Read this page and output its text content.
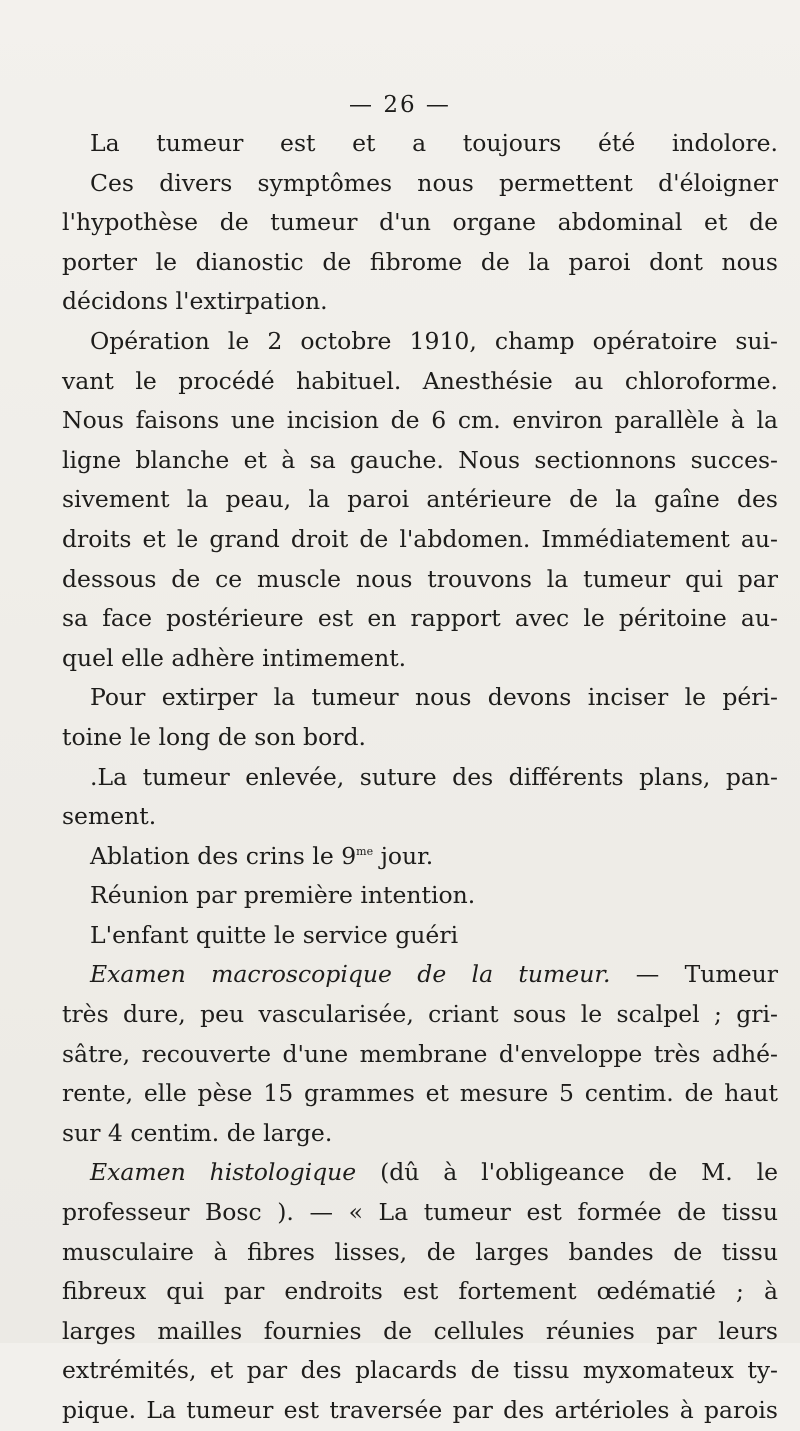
— 26 —
La tumeur est et a toujours été indolore.
Ces divers symptômes nous permettent d'éloigner
l'hypothèse de tumeur d'un organe abdominal et de
porter le dianostic de fibrome de la paroi dont nous
décidons l'extirpation.
Opération le 2 octobre 1910, champ opératoire sui-
vant le procédé habituel. Anesthésie au chloroforme.
Nous faisons une incision de 6 cm. environ parallèle à la
ligne blanche et à sa gauche. Nous sectionnons succes-
sivement la peau, la paroi antérieure de la gaîne des
droits et le grand droit de l'abdomen. Immédiatement au-
dessous de ce muscle nous trouvons la tumeur qui par
sa face postérieure est en rapport avec le péritoine au-
quel elle adhère intimement.
Pour extirper la tumeur nous devons inciser le péri-
toine le long de son bord.
.La tumeur enlevée, suture des différents plans, pan-
sement.
Ablation des crins le $9^{me}$ jour.
Réunion par première intention.
L'enfant quitte le service guéri
Examen macroscopique de la tumeur. — Tumeur
très dure, peu vascularisée, criant sous le scalpel ; gri-
sâtre, recouverte d'une membrane d'enveloppe très adhé-
rente, elle pèse 15 grammes et mesure 5 centim. de haut
sur 4 centim. de large.
Examen histologique (dû à l'obligeance de M. le
professeur Bosc ). — « La tumeur est formée de tissu
musculaire à fibres lisses, de larges bandes de tissu
fibreux qui par endroits est fortement œdématié ; à
larges mailles fournies de cellules réunies par leurs
extrémités, et par des placards de tissu myxomateux ty-
pique. La tumeur est traversée par des artérioles à parois
